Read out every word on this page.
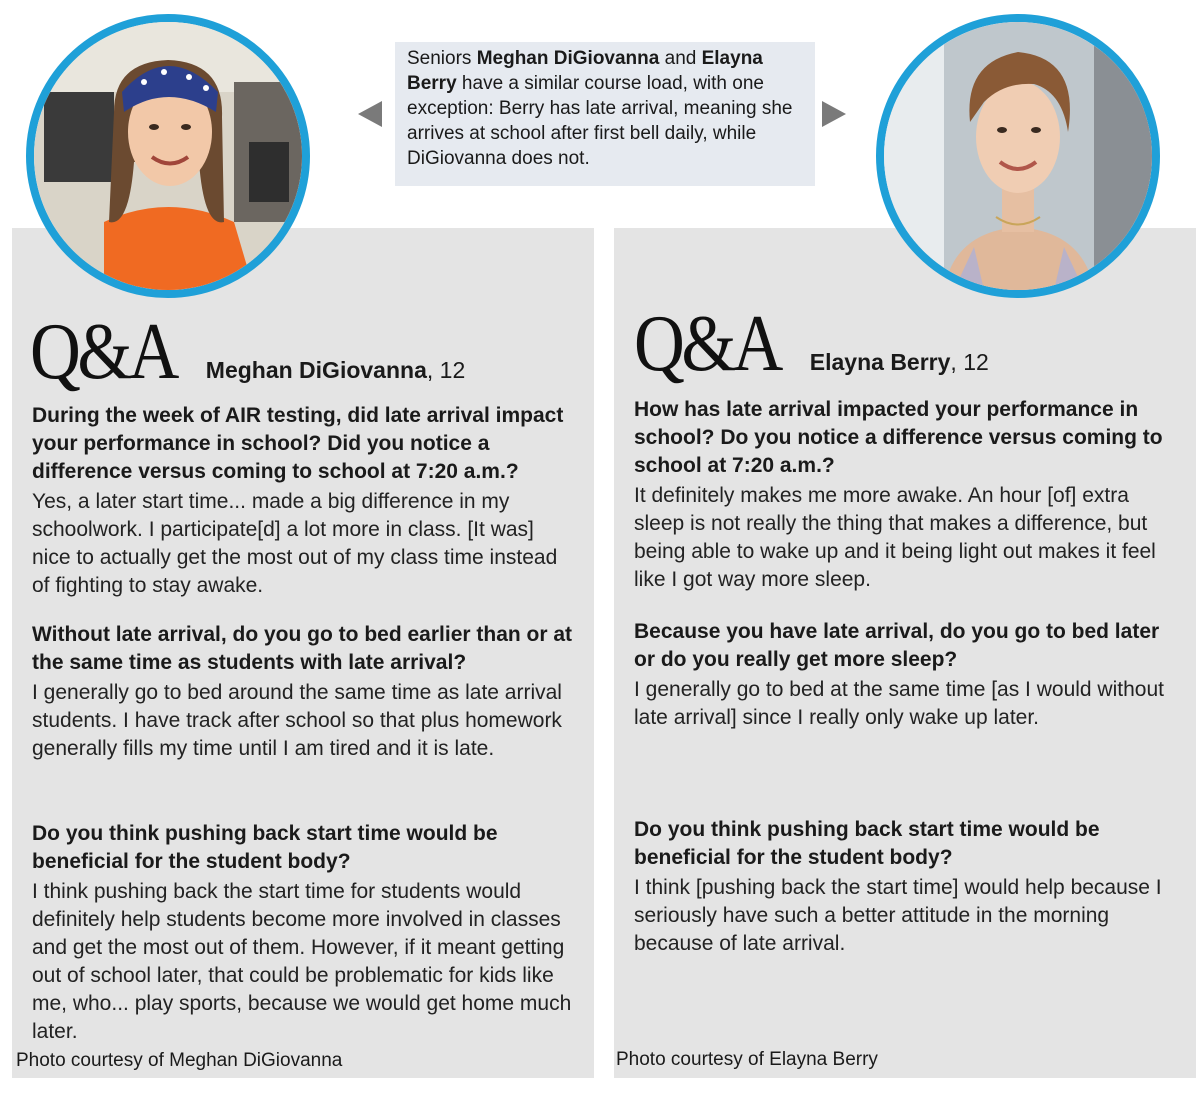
Seniors Meghan DiGiovanna and Elayna
Berry have a similar course load, with one exception: Berry has late arrival, meaning she arrives at school after first bell daily, while DiGiovanna does not.
Q&A Meghan DiGiovanna , 12 Q&A Elayna Berry , 12
During the week of AIR testing, did late arrival impact your performance in school? Did you notice a difference versus coming to school at 7:20 a.m.?
Yes, a later start time... made a big difference in my schoolwork. I participate[d] a lot more in class. [It was] nice to actually get the most out of my class time instead of fighting to stay awake.
Without late arrival, do you go to bed earlier than or at the same time as students with late arrival?
I generally go to bed around the same time as late arrival students. I have track after school so that plus homework generally fills my time until I am tired and it is late.
Do you think pushing back start time would be beneficial for the student body?
I think pushing back the start time for students would definitely help students become more involved in classes and get the most out of them. However, if it meant getting out of school later, that could be problematic for kids like me, who... play sports, because we would get home much later.
How has late arrival impacted your performance in school? Do you notice a difference versus coming to school at 7:20 a.m.?
It definitely makes me more awake. An hour [of] extra sleep is not really the thing that makes a difference, but being able to wake up and it being light out makes it feel like I got way more sleep.
Because you have late arrival, do you go to bed later or do you really get more sleep?
I generally go to bed at the same time [as I would without late arrival] since I really only wake up later.
Do you think pushing back start time would be beneficial for the student body?
I think [pushing back the start time] would help because I seriously have such a better attitude in the morning because of late arrival.
Photo courtesy of Meghan DiGiovanna	Photo courtesy of Elayna Berry
